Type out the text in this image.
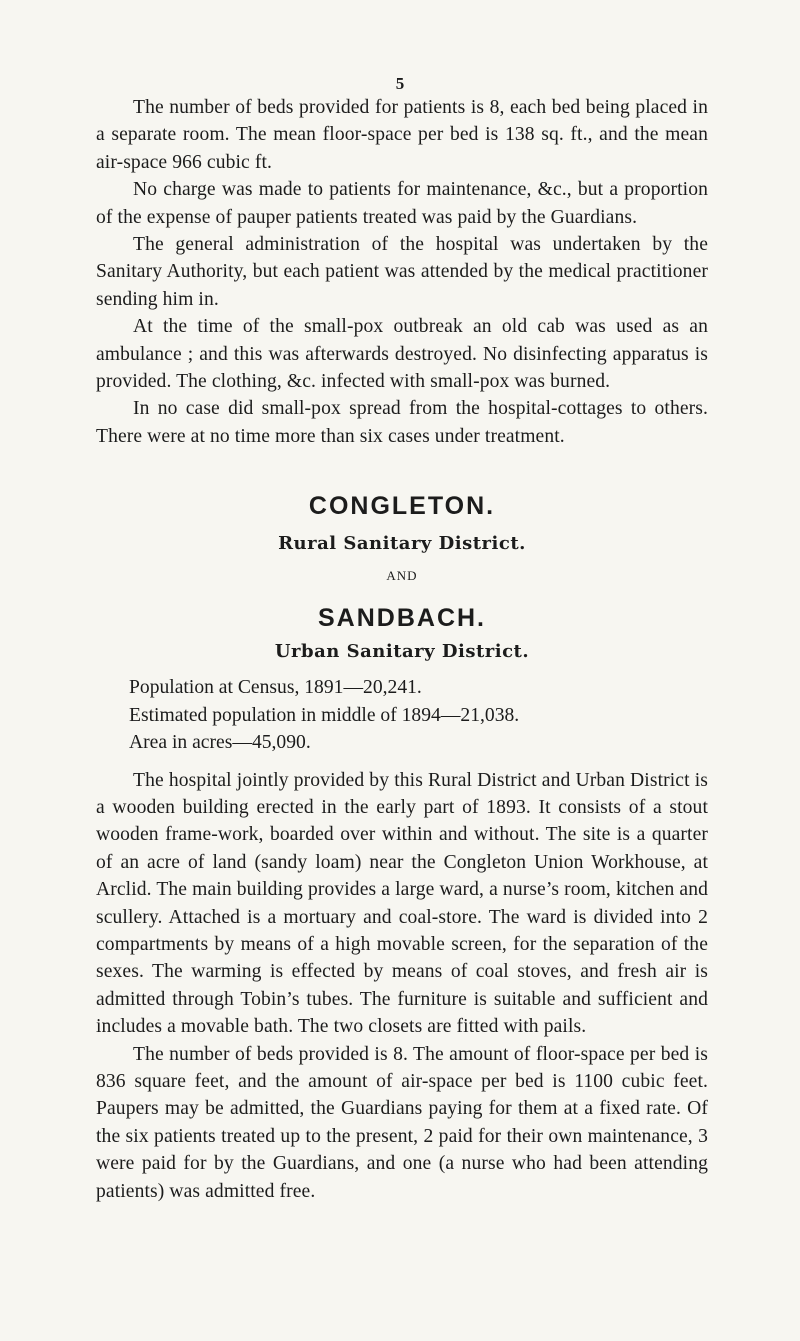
5

The number of beds provided for patients is 8, each bed being placed in a separate room. The mean floor-space per bed is 138 sq. ft., and the mean air-space 966 cubic ft.

No charge was made to patients for maintenance, &c., but a proportion of the expense of pauper patients treated was paid by the Guardians.

The general administration of the hospital was undertaken by the Sanitary Authority, but each patient was attended by the medical practitioner sending him in.

At the time of the small-pox outbreak an old cab was used as an ambulance ; and this was afterwards destroyed. No disinfecting apparatus is provided. The clothing, &c. infected with small-pox was burned.

In no case did small-pox spread from the hospital-cottages to others. There were at no time more than six cases under treatment.

CONGLETON.

Rural Sanitary District.

AND

SANDBACH.

Urban Sanitary District.

Population at Census, 1891—20,241.

Estimated population in middle of 1894—21,038.

Area in acres—45,090.

The hospital jointly provided by this Rural District and Urban District is a wooden building erected in the early part of 1893. It consists of a stout wooden frame-work, boarded over within and without. The site is a quarter of an acre of land (sandy loam) near the Congleton Union Workhouse, at Arclid. The main building provides a large ward, a nurse’s room, kitchen and scullery. Attached is a mortuary and coal-store. The ward is divided into 2 compartments by means of a high movable screen, for the separation of the sexes. The warming is effected by means of coal stoves, and fresh air is admitted through Tobin’s tubes. The furniture is suitable and sufficient and includes a movable bath. The two closets are fitted with pails.

The number of beds provided is 8. The amount of floor-space per bed is 836 square feet, and the amount of air-space per bed is 1100 cubic feet. Paupers may be admitted, the Guardians paying for them at a fixed rate. Of the six patients treated up to the present, 2 paid for their own maintenance, 3 were paid for by the Guardians, and one (a nurse who had been attending patients) was admitted free.
